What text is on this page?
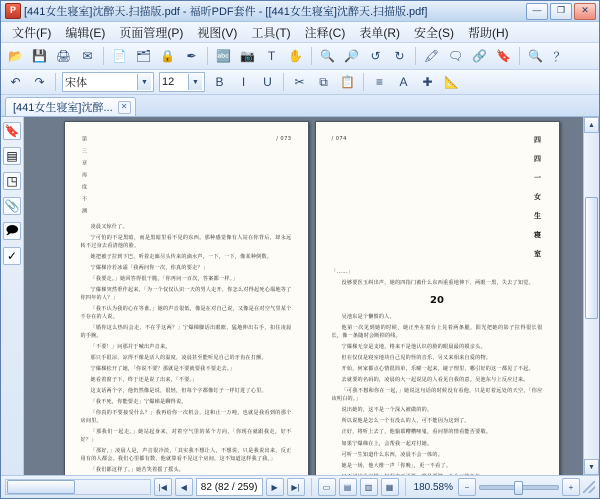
P
[441女生寝室]沈醉天.扫描版.pdf - 福昕PDF套件 - [[441女生寝室]沈醉天.扫描版.pdf]	—	❐	✕
文件(F)	编辑(E)	页面管理(P)	视图(V)	工具(T)	注释(C)	表单(R)	安全(S)	帮助(H)
📂 💾 🖨 ✉	📄 🗂 🔒 ✒	🔤 📷	T	✋	🔍 🔎 ↺	↻	🖍 🗨 🔗 🔖	🔍 ？
↶	↷	宋体	▼ 12	▼	B	I	U	✂	⧉	📋	≡	A	✚ 📐
[441女生寝室]沈醉...	✕
🔖
▤
◳
📎
🗩
✓
第 三 章 再 度 不 测	/ 073

凌晨又惊什了。

宁可怕的不是黑暗，而是黑暗里看不见的东西。那种感觉像有人站在你背后，却永远转不过身去看清他的脸。

她把被子拉到下巴，听着走廊尽头传来的滴水声，一下，一下，像某种倒数。

宁爆梯冷若冰霜「我两问你一次，你真的要走？」

「我要走。」她回答得很干脆，「你再问一百次，答案都一样。」

宁爆梯突然垂作起来，「为一个仅仅认识一天的男人走开，你怎么对得起死心塌地等了你四年的人？」

「我不认为我的心在等谁。」她的声音很低，像是在对自己说，又像是在对空气里某个不存在的人说。

「婚你这么热吗会走，不在乎这两？」宁爆梯脚话出眼眶，猛地伸出右手，扣住凌晨的手腕。

「不要！」问那并于喊出声音来。

那只手很凉，凉得不像是活人的温度，凌晨甚至能听见自己的牙齿在打颤。

宁爆梯松开了她，「你说不要？那就是不要就要我不要走去。」

她看着窗子下，终于还是说了出来，「不要。」

这支话两个字，他仍然像是说，很轻，但每个字都像钉子一样钉进了心里。

「我不死，你能要走」宁爆梯是聊得说。

「你真的不要接受什么？」我再给你一次机会，这和止一万吨，也就是我看到的那个房间里。

「那我们一起走。」她站起身来，对着空气里的某个方向，「你现在就跟我走，好不好？」

「那好，」凌晨人是，声音很冷淡，「其实我不想让人，不想说，只是我说出来，反正用有的人都会。我们心里都有数，他就算看不见这个房间，这不知道这样我了我。」

「我们都这样了。」她苦笑着摇了摇头。

/ 074	四 四 一 女 生 寝 室

「……」

没够要医玉纠出声，她的四指门被什么东西重重地伸下，两眼一黑，失去了知觉。

20

吴池东是个懒惯的人。

他第一次见到她的时候，她正坐在窗台上晃着两条腿，阳光把她的影子拉得很长很长，像一条随时会断掉的线。

宁爆梯无奈是支地，格来不是他认识的脸的眼晨最的摸亲头。

但在仅仅是寝室地块自己见的怪的音乐，另又来相来自爱的物。

开始，何家都点心情很简单，乐曜一起来，碰子理里，哪引好的这一都见了不起。

去就要的名码的，凌晨的大一起说见的人看见自我的意。吴池东与上反应过来。

「可我不想和你在一起，」她说这句话的时候没有看他，只是盯着远处的天空，「你应该明白的。」

说出她的，这不是一个深入被做的的。

所以说他是怎么一个有没么的人，可不能因为这到了。

正好，将听上去了，他愉慕糟糟哑鬼，看问帮的情看能否要敬。

如果宁爆梯在上，会帮我一起对付她。

可听一生知道什么东西，凌晨不会一体的。

她是一场，他大维一声「你晚」，更一不看了。

▲
▼
|◀	◀	82 (82 / 259)	▶	▶|	▭	▤	▥	▦	180.58%	−	+
